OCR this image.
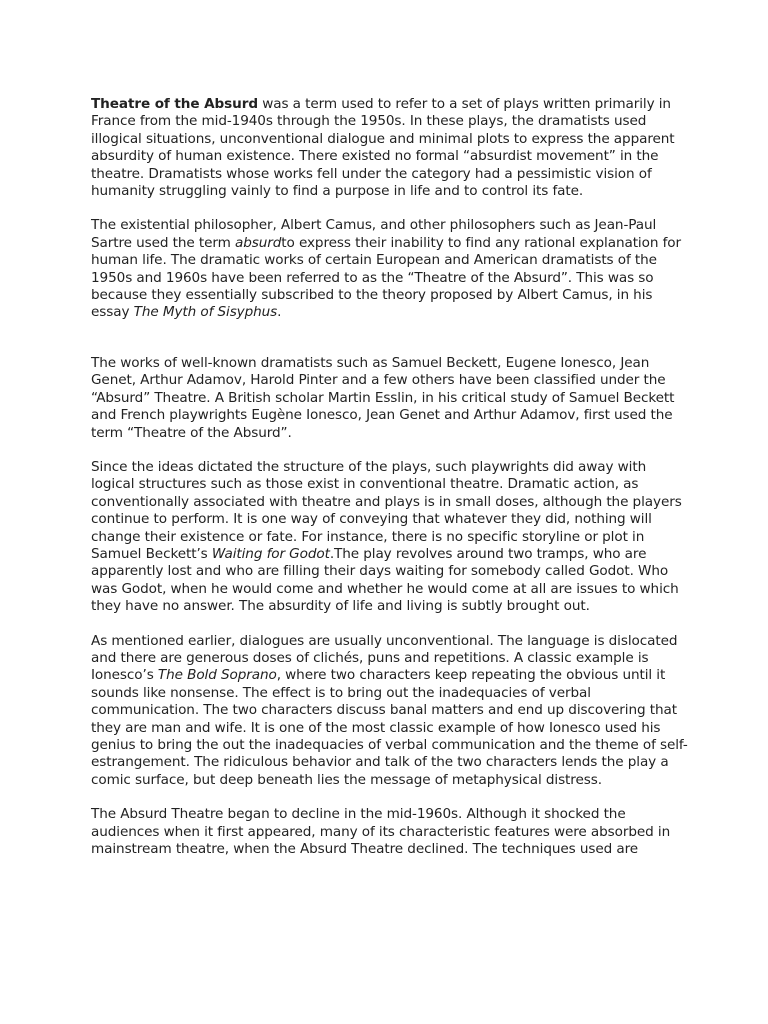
Theatre of the Absurd was a term used to refer to a set of plays written primarily in France from the mid-1940s through the 1950s. In these plays, the dramatists used illogical situations, unconventional dialogue and minimal plots to express the apparent absurdity of human existence. There existed no formal “absurdist movement” in the theatre. Dramatists whose works fell under the category had a pessimistic vision of humanity struggling vainly to find a purpose in life and to control its fate.

The existential philosopher, Albert Camus, and other philosophers such as Jean-Paul Sartre used the term absurdto express their inability to find any rational explanation for human life. The dramatic works of certain European and American dramatists of the 1950s and 1960s have been referred to as the “Theatre of the Absurd”. This was so because they essentially subscribed to the theory proposed by Albert Camus, in his essay The Myth of Sisyphus.

The works of well-known dramatists such as Samuel Beckett, Eugene Ionesco, Jean Genet, Arthur Adamov, Harold Pinter and a few others have been classified under the “Absurd” Theatre. A British scholar Martin Esslin, in his critical study of Samuel Beckett and French playwrights Eugène Ionesco, Jean Genet and Arthur Adamov, first used the term “Theatre of the Absurd”.

Since the ideas dictated the structure of the plays, such playwrights did away with logical structures such as those exist in conventional theatre. Dramatic action, as conventionally associated with theatre and plays is in small doses, although the players continue to perform. It is one way of conveying that whatever they did, nothing will change their existence or fate. For instance, there is no specific storyline or plot in Samuel Beckett’s Waiting for Godot.The play revolves around two tramps, who are apparently lost and who are filling their days waiting for somebody called Godot. Who was Godot, when he would come and whether he would come at all are issues to which they have no answer. The absurdity of life and living is subtly brought out.

As mentioned earlier, dialogues are usually unconventional. The language is dislocated and there are generous doses of clichés, puns and repetitions. A classic example is Ionesco’s The Bold Soprano, where two characters keep repeating the obvious until it sounds like nonsense. The effect is to bring out the inadequacies of verbal communication. The two characters discuss banal matters and end up discovering that they are man and wife. It is one of the most classic example of how Ionesco used his genius to bring the out the inadequacies of verbal communication and the theme of self-estrangement. The ridiculous behavior and talk of the two characters lends the play a comic surface, but deep beneath lies the message of metaphysical distress.

The Absurd Theatre began to decline in the mid-1960s. Although it shocked the audiences when it first appeared, many of its characteristic features were absorbed in mainstream theatre, when the Absurd Theatre declined. The techniques used are
